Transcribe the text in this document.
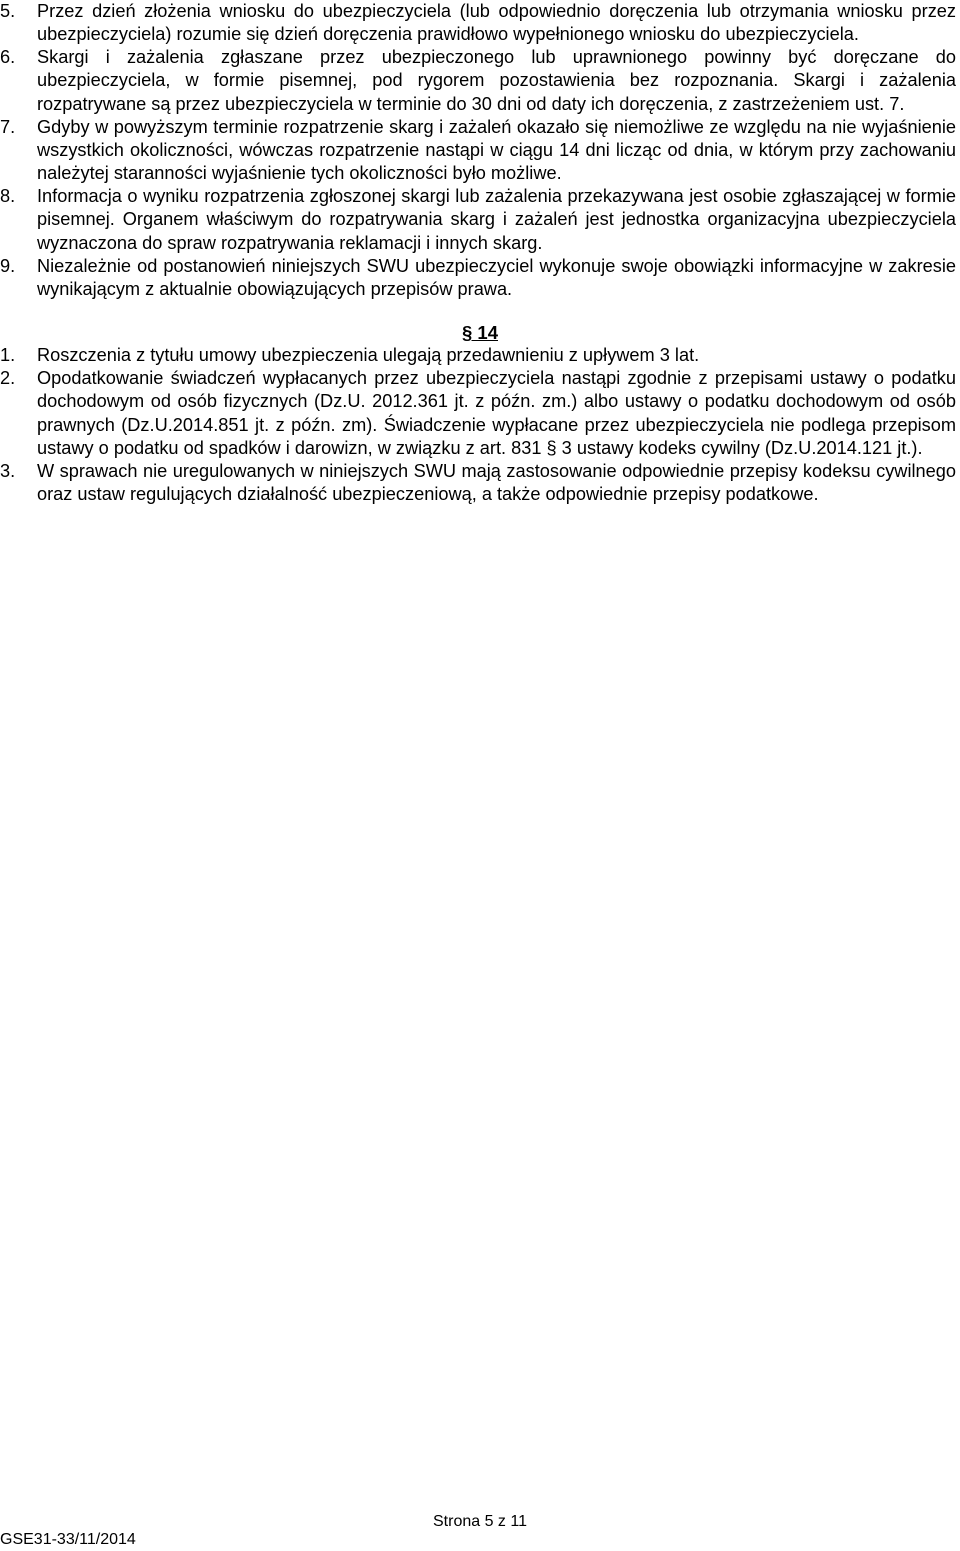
5. Przez dzień złożenia wniosku do ubezpieczyciela (lub odpowiednio doręczenia lub otrzymania wniosku przez ubezpieczyciela) rozumie się dzień doręczenia prawidłowo wypełnionego wniosku do ubezpieczyciela.
6. Skargi i zażalenia zgłaszane przez ubezpieczonego lub uprawnionego powinny być doręczane do ubezpieczyciela, w formie pisemnej, pod rygorem pozostawienia bez rozpoznania. Skargi i zażalenia rozpatrywane są przez ubezpieczyciela w terminie do 30 dni od daty ich doręczenia, z zastrzeżeniem ust. 7.
7. Gdyby w powyższym terminie rozpatrzenie skarg i zażaleń okazało się niemożliwe ze względu na nie wyjaśnienie wszystkich okoliczności, wówczas rozpatrzenie nastąpi w ciągu 14 dni licząc od dnia, w którym przy zachowaniu należytej staranności wyjaśnienie tych okoliczności było możliwe.
8. Informacja o wyniku rozpatrzenia zgłoszonej skargi lub zażalenia przekazywana jest osobie zgłaszającej w formie pisemnej. Organem właściwym do rozpatrywania skarg i zażaleń jest jednostka organizacyjna ubezpieczyciela wyznaczona do spraw rozpatrywania reklamacji i innych skarg.
9. Niezależnie od postanowień niniejszych SWU ubezpieczyciel wykonuje swoje obowiązki informacyjne w zakresie wynikającym z aktualnie obowiązujących przepisów prawa.

§ 14

1. Roszczenia z tytułu umowy ubezpieczenia ulegają przedawnieniu z upływem 3 lat.
2. Opodatkowanie świadczeń wypłacanych przez ubezpieczyciela nastąpi zgodnie z przepisami ustawy o podatku dochodowym od osób fizycznych (Dz.U. 2012.361 jt. z późn. zm.) albo ustawy o podatku dochodowym od osób prawnych (Dz.U.2014.851 jt. z późn. zm). Świadczenie wypłacane przez ubezpieczyciela nie podlega przepisom ustawy o podatku od spadków i darowizn, w związku z art. 831 § 3 ustawy kodeks cywilny (Dz.U.2014.121 jt.).
3. W sprawach nie uregulowanych w niniejszych SWU mają zastosowanie odpowiednie przepisy kodeksu cywilnego oraz ustaw regulujących działalność ubezpieczeniową, a także odpowiednie przepisy podatkowe.
Strona 5 z 11
GSE31-33/11/2014
